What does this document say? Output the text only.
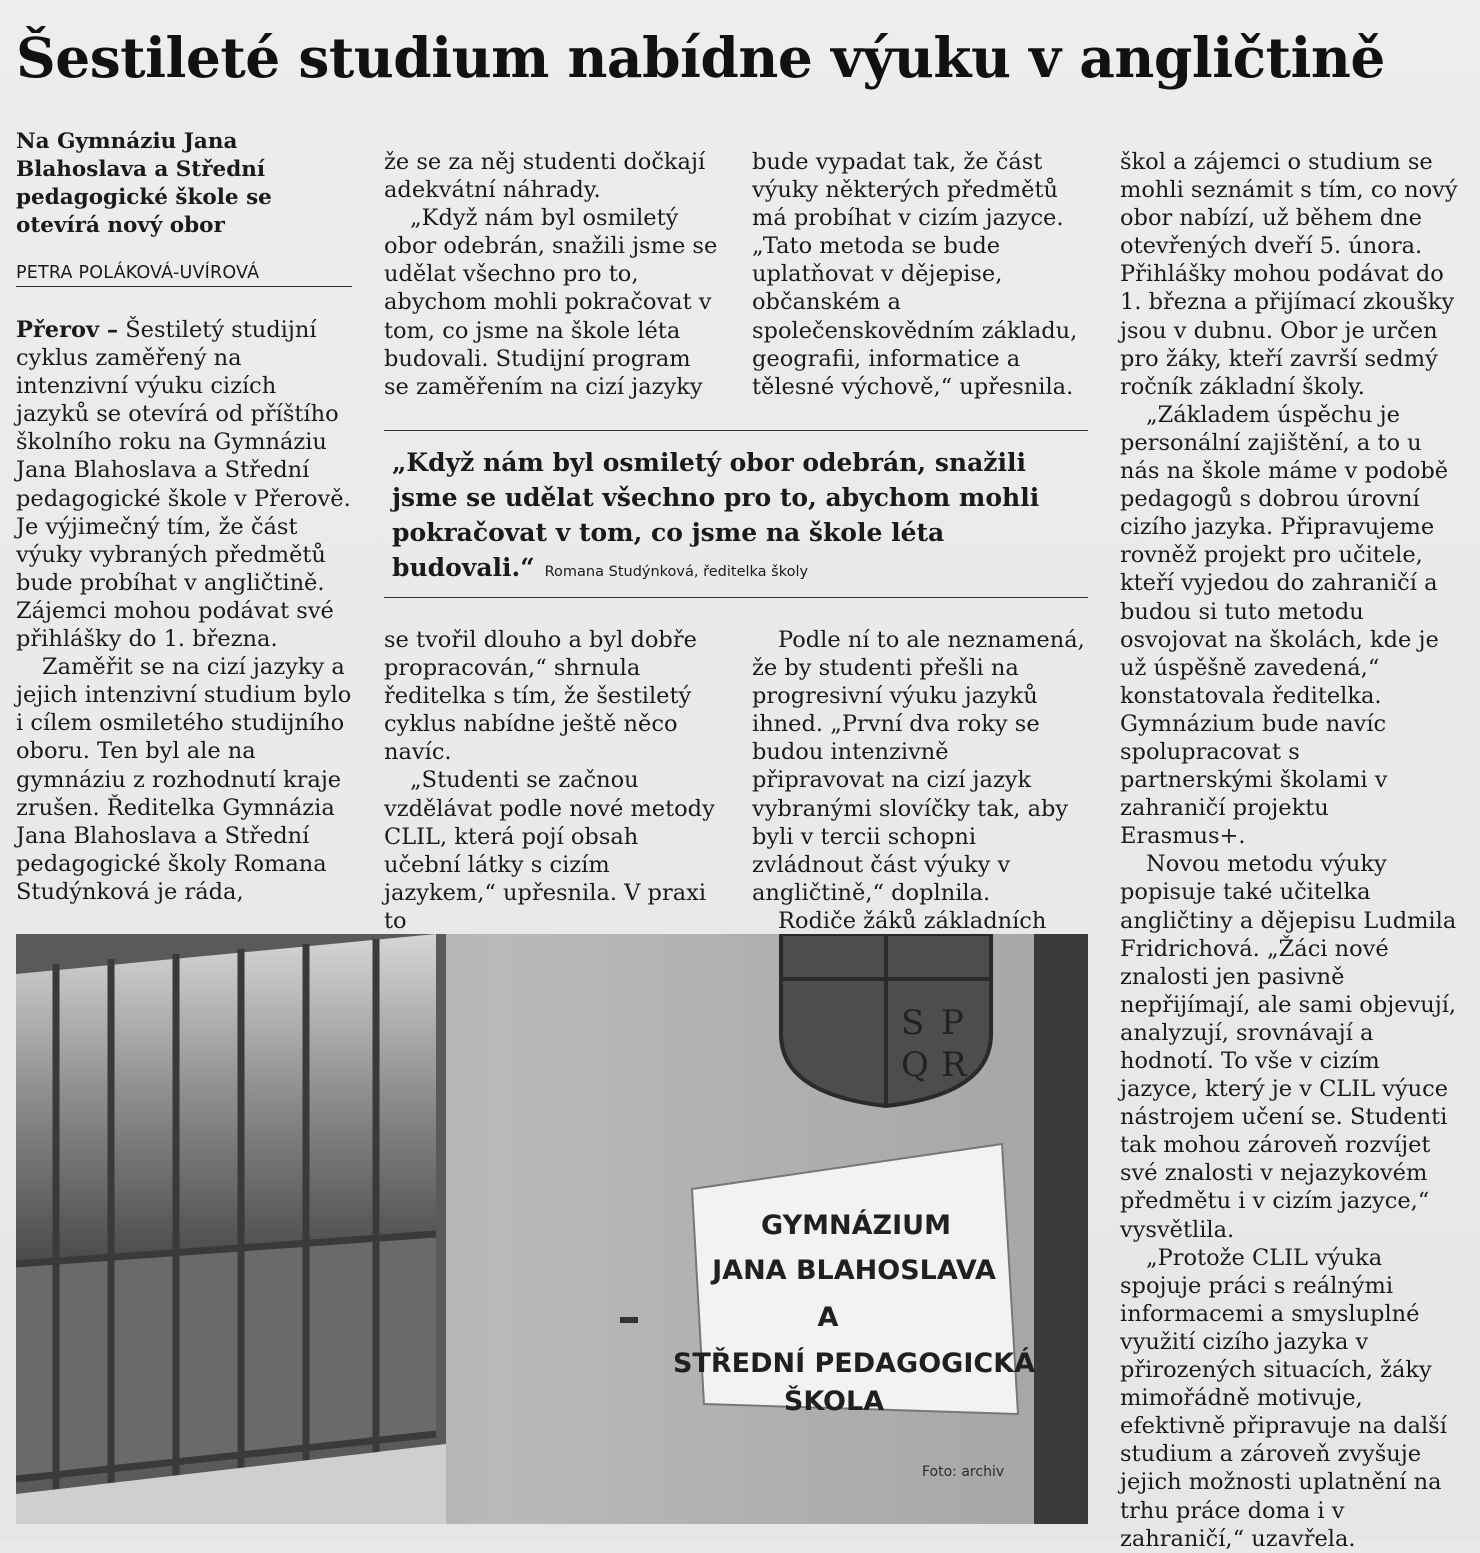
Šestileté studium nabídne výuku v angličtině
Na Gymnáziu Jana Blahoslava a Střední pedagogické škole se otevírá nový obor
PETRA POLÁKOVÁ-UVÍROVÁ

Přerov – Šestiletý studijní cyklus zaměřený na intenzivní výuku cizích jazyků se otevírá od příštího školního roku na Gymnáziu Jana Blahoslava a Střední pedagogické škole v Přerově. Je výjimečný tím, že část výuky vybraných předmětů bude probíhat v angličtině. Zájemci mohou podávat své přihlášky do 1. března.

Zaměřit se na cizí jazyky a jejich intenzivní studium bylo i cílem osmiletého studijního oboru. Ten byl ale na gymnáziu z rozhodnutí kraje zrušen. Ředitelka Gymnázia Jana Blahoslava a Střední pedagogické školy Romana Studýnková je ráda,

že se za něj studenti dočkají adekvátní náhrady.

„Když nám byl osmiletý obor odebrán, snažili jsme se udělat všechno pro to, abychom mohli pokračovat v tom, co jsme na škole léta budovali. Studijní program se zaměřením na cizí jazyky

bude vypadat tak, že část výuky některých předmětů má probíhat v cizím jazyce. „Tato metoda se bude uplatňovat v dějepise, občanském a společenskovědním základu, geografii, informatice a tělesné výchově,“ upřesnila.

„Když nám byl osmiletý obor odebrán, snažili jsme se udělat všechno pro to, abychom mohli pokračovat v tom, co jsme na škole léta budovali.“ Romana Studýnková, ředitelka školy

se tvořil dlouho a byl dobře propracován,“ shrnula ředitelka s tím, že šestiletý cyklus nabídne ještě něco navíc.

„Studenti se začnou vzdělávat podle nové metody CLIL, která pojí obsah učební látky s cizím jazykem,“ upřesnila. V praxi to

Podle ní to ale neznamená, že by studenti přešli na progresivní výuku jazyků ihned. „První dva roky se budou intenzivně připravovat na cizí jazyk vybranými slovíčky tak, aby byli v tercii schopni zvládnout část výuky v angličtině,“ doplnila.

Rodiče žáků základních

škol a zájemci o studium se mohli seznámit s tím, co nový obor nabízí, už během dne otevřených dveří 5. února. Přihlášky mohou podávat do 1. března a přijímací zkoušky jsou v dubnu. Obor je určen pro žáky, kteří završí sedmý ročník základní školy.

„Základem úspěchu je personální zajištění, a to u nás na škole máme v podobě pedagogů s dobrou úrovní cizího jazyka. Připravujeme rovněž projekt pro učitele, kteří vyjedou do zahraničí a budou si tuto metodu osvojovat na školách, kde je už úspěšně zavedená,“ konstatovala ředitelka. Gymnázium bude navíc spolupracovat s partnerskými školami v zahraničí projektu Erasmus+.

Novou metodu výuky popisuje také učitelka angličtiny a dějepisu Ludmila Fridrichová. „Žáci nové znalosti jen pasivně nepřijímají, ale sami objevují, analyzují, srovnávají a hodnotí. To vše v cizím jazyce, který je v CLIL výuce nástrojem učení se. Studenti tak mohou zároveň rozvíjet své znalosti v nejazykovém předmětu i v cizím jazyce,“ vysvětlila.

„Protože CLIL výuka spojuje práci s reálnými informacemi a smysluplné využití cizího jazyka v přirozených situacích, žáky mimořádně motivuje, efektivně připravuje na další studium a zároveň zvyšuje jejich možnosti uplatnění na trhu práce doma i v zahraničí,“ uzavřela.

S P
Q R
GYMNÁZIUM
JANA BLAHOSLAVA
A
STŘEDNÍ PEDAGOGICKÁ
ŠKOLA
Foto: archiv
